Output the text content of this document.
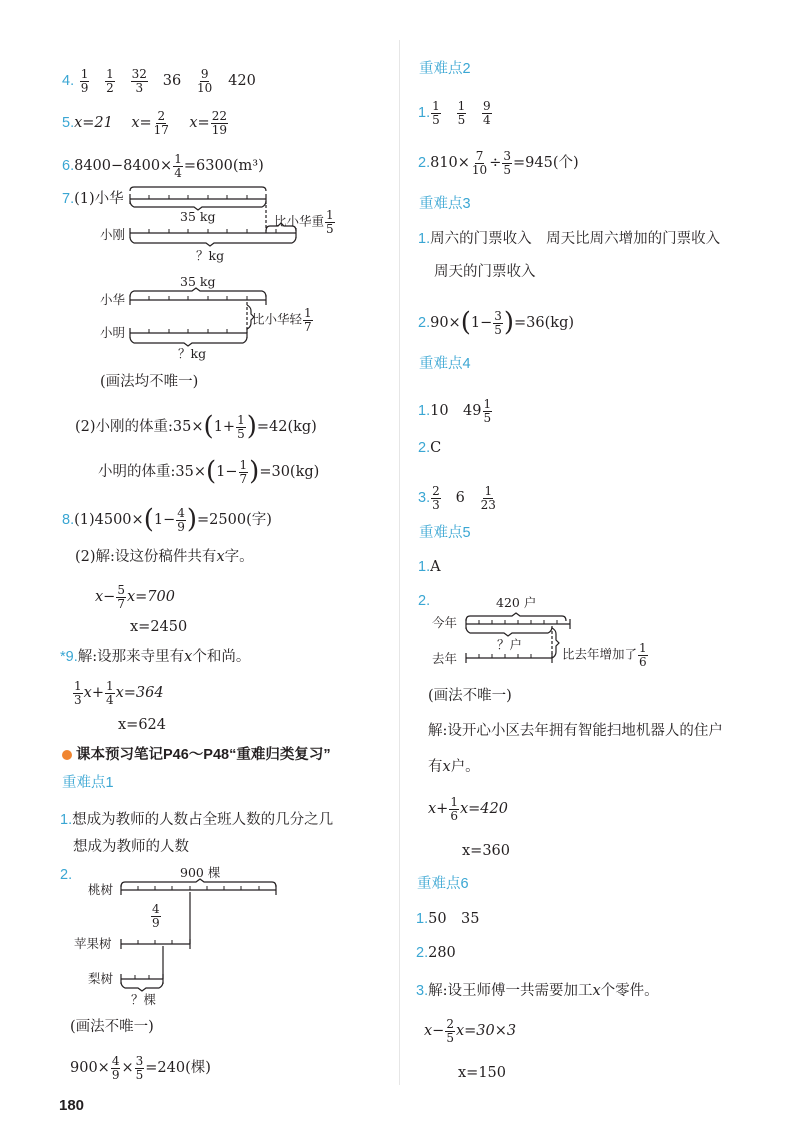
4. $\frac{1}{9}$
$\frac{1}{2}$
$\frac{32}{3} 36 \frac{9}{10} 420$
5.x=21 $x= \frac{2}{17} x= \frac{22}{19}$
$6.8400-8400\times \frac{1}{4} =6300(m^3)$
7.(1)小华
35 kg
小刚
？kg
比小华重 $\frac{1}{5}$
35 kg
小华
小明
？kg
比小华轻 $\frac{1}{7}$
(画法均不唯一)
(2)小刚的体重:35×(1+ $\frac{1}{5} )=42(kg)$
小明的体重:35×(1− $\frac{1}{7} )=30(kg)$
$8.(1)4500\times(1- \frac{4}{9} )=2500$(字)
(2)解:设这份稿件共有x字。
$x- \frac{5}{7} x=700$
x=2450
*9.解:设那来寺里有x个和尚。
$\frac{1}{3} x+ \frac{1}{4} x=364$
x=624
课本预习笔记P46～P48“重难归类复习”
重难点1
1.想成为教师的人数占全班人数的几分之几
想成为教师的人数
2.	900 棵
桃树
$\frac{4}{9}$
苹果树
梨树
？棵
(画法不唯一)
$900\times \frac{4}{9} \times \frac{3}{5} =240$(棵)
重难点2
1. $\frac{1}{5}$
$\frac{1}{5}$
$\frac{9}{4}$
$2.810\times \frac{7}{10} \div \frac{3}{5} =945$(个)
重难点3
1.周六的门票收入　周天比周六增加的门票收入
周天的门票收入
$2.90\times(1- \frac{3}{5} )=36(kg)$
重难点4
1.10　$49 \frac{1}{5}$
2.C
3. $\frac{2}{3} 6 \frac{1}{23}$
重难点5
1.A
2.	420 户
今年
？户
去年	比去年增加了 $\frac{1}{6}$
(画法不唯一)
解:设开心小区去年拥有智能扫地机器人的住户
有x户。
$x+ \frac{1}{6} x=420$
x=360
重难点6
1.50　35
2.280
3.解:设王师傅一共需要加工x个零件。
$x- \frac{2}{5} x=30\times 3$
x=150
180
